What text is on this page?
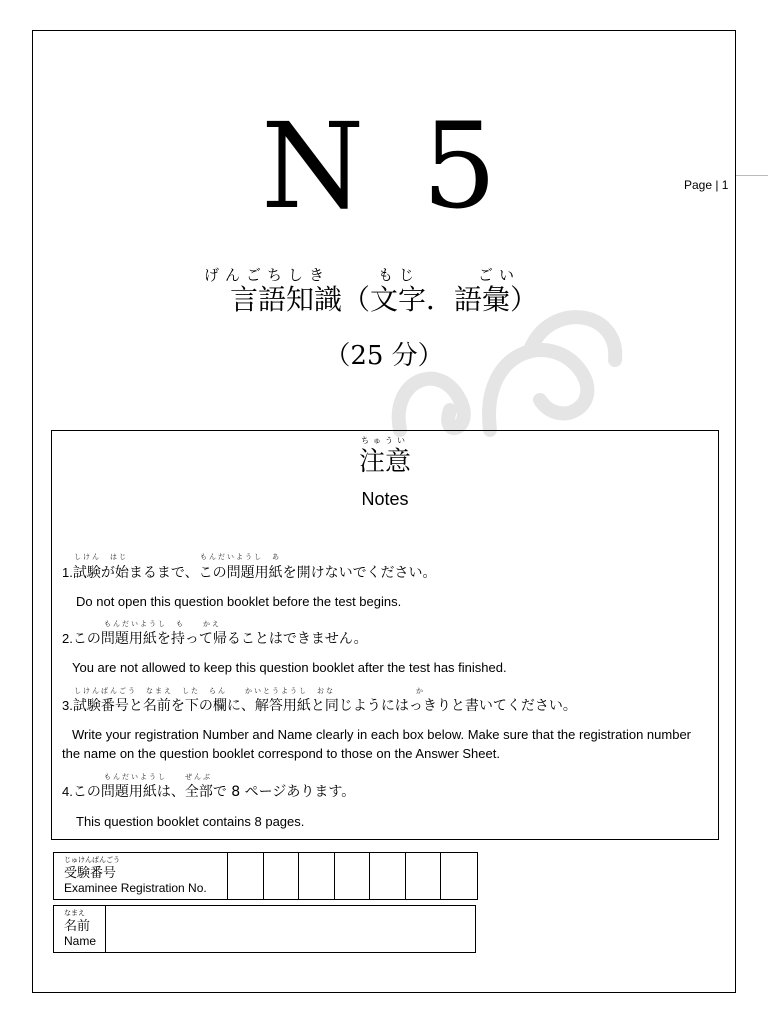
Page | 1
N 5
げんごちしき	もじ	ごい
言語知識（文字．語彙）
（25 分）
ちゅうい
注意
Notes
しけん　はじ　　　　　　　　もんだいようし　あ
1.試験が始まるまで、この問題用紙を開けないでください。
Do not open this question booklet before the test begins.
もんだいようし　も　　かえ
2.この問題用紙を持って帰ることはできません。
You are not allowed to keep this question booklet after the test has finished.
しけんばんごう　なまえ　した　らん　　かいとうようし　おな　　　　　　　　　か
3.試験番号と名前を下の欄に、解答用紙と同じようにはっきりと書いてください。
Write your registration Number and Name clearly in each box below. Make sure that the registration number the name on the question booklet correspond to those on the Answer Sheet.
もんだいようし　　ぜんぶ
4.この問題用紙は、全部で 8 ページあります。
This question booklet contains 8 pages.
じゅけんばんごう
受験番号
Examinee Registration No.
なまえ
名前
Name
